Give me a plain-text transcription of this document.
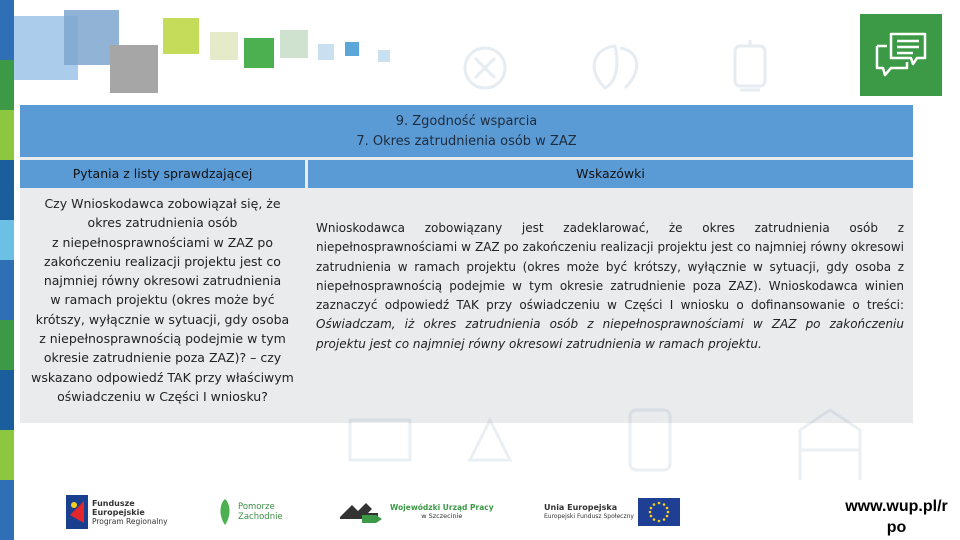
9. Zgodność wsparcia
7. Okres zatrudnienia osób w ZAZ
Pytania z listy sprawdzającej	Wskazówki
Czy Wnioskodawca zobowiązał się, że
okres zatrudnienia osób
z niepełnosprawnościami w ZAZ po
zakończeniu realizacji projektu jest co
najmniej równy okresowi zatrudnienia
w ramach projektu (okres może być
krótszy, wyłącznie w sytuacji, gdy osoba
z niepełnosprawnością podejmie w tym
okresie zatrudnienie poza ZAZ)? – czy
wskazano odpowiedź TAK przy właściwym
oświadczeniu w Części I wniosku?
Wnioskodawca zobowiązany jest zadeklarować, że okres zatrudnienia osób z niepełnosprawnościami w ZAZ po zakończeniu realizacji projektu jest co najmniej równy okresowi zatrudnienia w ramach projektu (okres może być krótszy, wyłącznie w sytuacji, gdy osoba z niepełnosprawnością podejmie w tym okresie zatrudnienie poza ZAZ). Wnioskodawca winien zaznaczyć odpowiedź TAK przy oświadczeniu w Części I wniosku o dofinansowanie o treści: Oświadczam, iż okres zatrudnienia osób z niepełnosprawnościami w ZAZ po zakończeniu projektu jest co najmniej równy okresowi zatrudnienia w ramach projektu.
Fundusze
Europejskie
Program Regionalny
Pomorze
Zachodnie
Wojewódzki Urząd Pracy
w Szczecinie
Unia Europejska
Europejski Fundusz Społeczny
www.wup.pl/r
po
